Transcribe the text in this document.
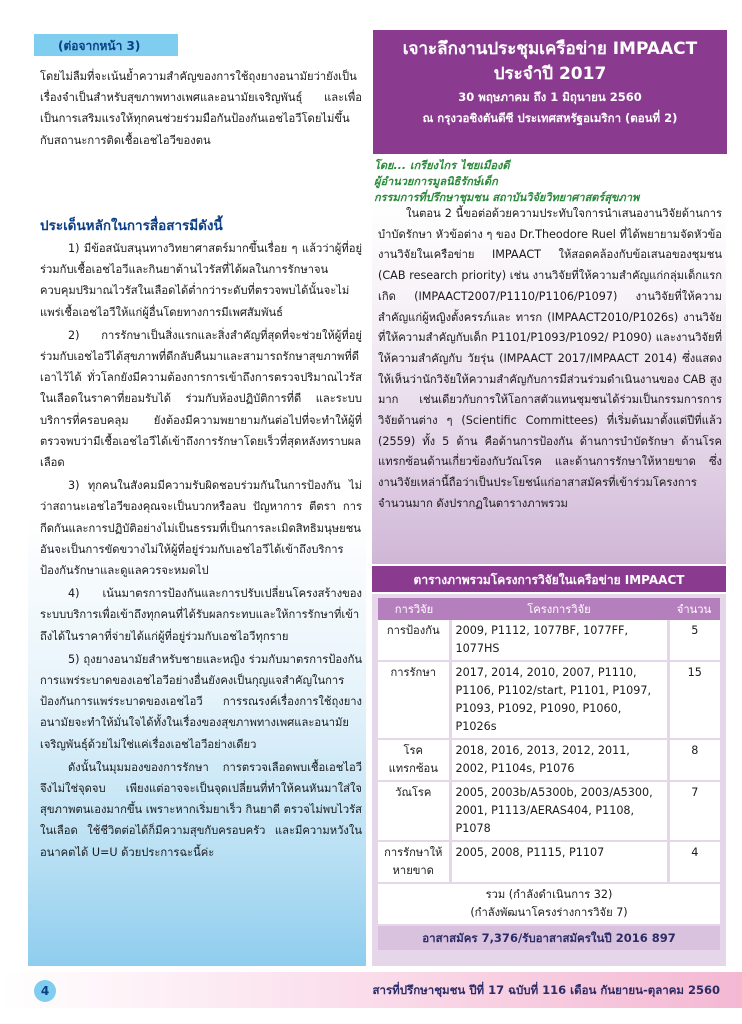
(ต่อจากหน้า 3)

โดยไม่ลืมที่จะเน้นย้ำความสำคัญของการใช้ถุงยางอนามัยว่ายังเป็นเรื่องจำเป็นสำหรับสุขภาพทางเพศและอนามัยเจริญพันธุ์ และเพื่อเป็นการเสริมแรงให้ทุกคนช่วยร่วมมือกันป้องกันเอชไอวีโดยไม่ขึ้นกับสถานะการติดเชื้อเอชไอวีของตน

ประเด็นหลักในการสื่อสารมีดังนี้

1) มีข้อสนับสนุนทางวิทยาศาสตร์มากขึ้นเรื่อย ๆ แล้วว่าผู้ที่อยู่ร่วมกับเชื้อเอชไอวีและกินยาต้านไวรัสที่ได้ผลในการรักษาจนควบคุมปริมาณไวรัสในเลือดได้ต่ำกว่าระดับที่ตรวจพบได้นั้นจะไม่แพร่เชื้อเอชไอวีให้แก่ผู้อื่นโดยทางการมีเพศสัมพันธ์

2) การรักษาเป็นสิ่งแรกและสิ่งสำคัญที่สุดที่จะช่วยให้ผู้ที่อยู่ร่วมกับเอชไอวีได้สุขภาพที่ดีกลับคืนมาและสามารถรักษาสุขภาพที่ดีเอาไว้ได้ ทั่วโลกยังมีความต้องการการเข้าถึงการตรวจปริมาณไวรัสในเลือดในราคาที่ยอมรับได้ ร่วมกับห้องปฏิบัติการที่ดี และระบบบริการที่ครอบคลุม ยังต้องมีความพยายามกันต่อไปที่จะทำให้ผู้ที่ตรวจพบว่ามีเชื้อเอชไอวีได้เข้าถึงการรักษาโดยเร็วที่สุดหลังทราบผลเลือด

3) ทุกคนในสังคมมีความรับผิดชอบร่วมกันในการป้องกัน ไม่ว่าสถานะเอชไอวีของคุณจะเป็นบวกหรือลบ ปัญหาการ ตีตรา การกีดกันและการปฏิบัติอย่างไม่เป็นธรรมที่เป็นการละเมิดสิทธิมนุษยชนอันจะเป็นการขัดขวางไม่ให้ผู้ที่อยู่ร่วมกับเอชไอวีได้เข้าถึงบริการป้องกันรักษาและดูแลควรจะหมดไป

4) เน้นมาตรการป้องกันและการปรับเปลี่ยนโครงสร้างของระบบบริการเพื่อเข้าถึงทุกคนที่ได้รับผลกระทบและให้การรักษาที่เข้าถึงได้ในราคาที่จ่ายได้แก่ผู้ที่อยู่ร่วมกับเอชไอวีทุกราย

5) ถุงยางอนามัยสำหรับชายและหญิง ร่วมกับมาตรการป้องกันการแพร่ระบาดของเอชไอวีอย่างอื่นยังคงเป็นกุญแจสำคัญในการป้องกันการแพร่ระบาดของเอชไอวี การรณรงค์เรื่องการใช้ถุงยางอนามัยจะทำให้มั่นใจได้ทั้งในเรื่องของสุขภาพทางเพศและอนามัยเจริญพันธุ์ด้วยไม่ใช่แค่เรื่องเอชไอวีอย่างเดียว

ดังนั้นในมุมมองของการรักษา การตรวจเลือดพบเชื้อเอชไอวีจึงไม่ใช่จุดจบ เพียงแต่อาจจะเป็นจุดเปลี่ยนที่ทำให้คนหันมาใส่ใจสุขภาพตนเองมากขึ้น เพราะหากเริ่มยาเร็ว กินยาดี ตรวจไม่พบไวรัสในเลือด ใช้ชีวิตต่อได้ก็มีความสุขกับครอบครัว และมีความหวังในอนาคตได้ U=U ด้วยประการฉะนี้ค่ะ

เจาะลึกงานประชุมเครือข่าย IMPAACT
ประจำปี 2017
30 พฤษภาคม ถึง 1 มิถุนายน 2560
ณ กรุงวอชิงตันดีซี ประเทศสหรัฐอเมริกา (ตอนที่ 2)
โดย... เกรียงไกร ไชยเมืองดี
ผู้อำนวยการมูลนิธิรักษ์เด็ก
กรรมการที่ปรึกษาชุมชน สถาบันวิจัยวิทยาศาสตร์สุขภาพ

ในตอน 2 นี้ขอต่อด้วยความประทับใจการนำเสนองานวิจัยด้านการบำบัดรักษา หัวข้อต่าง ๆ ของ Dr.Theodore Ruel ที่ได้พยายามจัดหัวข้องานวิจัยในเครือข่าย IMPAACT ให้สอดคล้องกับข้อเสนอของชุมชน (CAB research priority) เช่น งานวิจัยที่ให้ความสำคัญแก่กลุ่มเด็กแรกเกิด (IMPAACT2007/P1110/P1106/P1097) งานวิจัยที่ให้ความสำคัญแก่ผู้หญิงตั้งครรภ์และ ทารก (IMPAACT2010/P1026s) งานวิจัยที่ให้ความสำคัญกับเด็ก P1101/P1093/P1092/ P1090) และงานวิจัยที่ให้ความสำคัญกับ วัยรุ่น (IMPAACT 2017/IMPAACT 2014) ซึ่งแสดงให้เห็นว่านักวิจัยให้ความสำคัญกับการมีส่วนร่วมดำเนินงานของ CAB สูงมาก เช่นเดียวกับการให้โอกาสตัวแทนชุมชนได้ร่วมเป็นกรรมการการวิจัยด้านต่าง ๆ (Scientific Committees) ที่เริ่มต้นมาตั้งแต่ปีที่แล้ว (2559) ทั้ง 5 ด้าน คือด้านการป้องกัน ด้านการบำบัดรักษา ด้านโรคแทรกซ้อนด้านเกี่ยวข้องกับวัณโรค และด้านการรักษาให้หายขาด ซึ่งงานวิจัยเหล่านี้ถือว่าเป็นประโยชน์แก่อาสาสมัครที่เข้าร่วมโครงการจำนวนมาก ดังปรากฏในตารางภาพรวม

ตารางภาพรวมโครงการวิจัยในเครือข่าย IMPAACT
การวิจัย	โครงการวิจัย	จำนวน
การป้องกัน	2009, P1112, 1077BF, 1077FF, 1077HS	5
การรักษา	2017, 2014, 2010, 2007, P1110, P1106, P1102/start, P1101, P1097, P1093, P1092, P1090, P1060, P1026s	15
โรคแทรกซ้อน	2018, 2016, 2013, 2012, 2011, 2002, P1104s, P1076	8
วัณโรค	2005, 2003b/A5300b, 2003/A5300, 2001, P1113/AERAS404, P1108, P1078	7
การรักษาให้หายขาด	2005, 2008, P1115, P1107	4

รวม (กำลังดำเนินการ 32)
(กำลังพัฒนาโครงร่างการวิจัย 7)		
อาสาสมัคร 7,376/รับอาสาสมัครในปี 2016 897
4	สารที่ปรึกษาชุมชน ปีที่ 17 ฉบับที่ 116 เดือน กันยายน-ตุลาคม 2560
